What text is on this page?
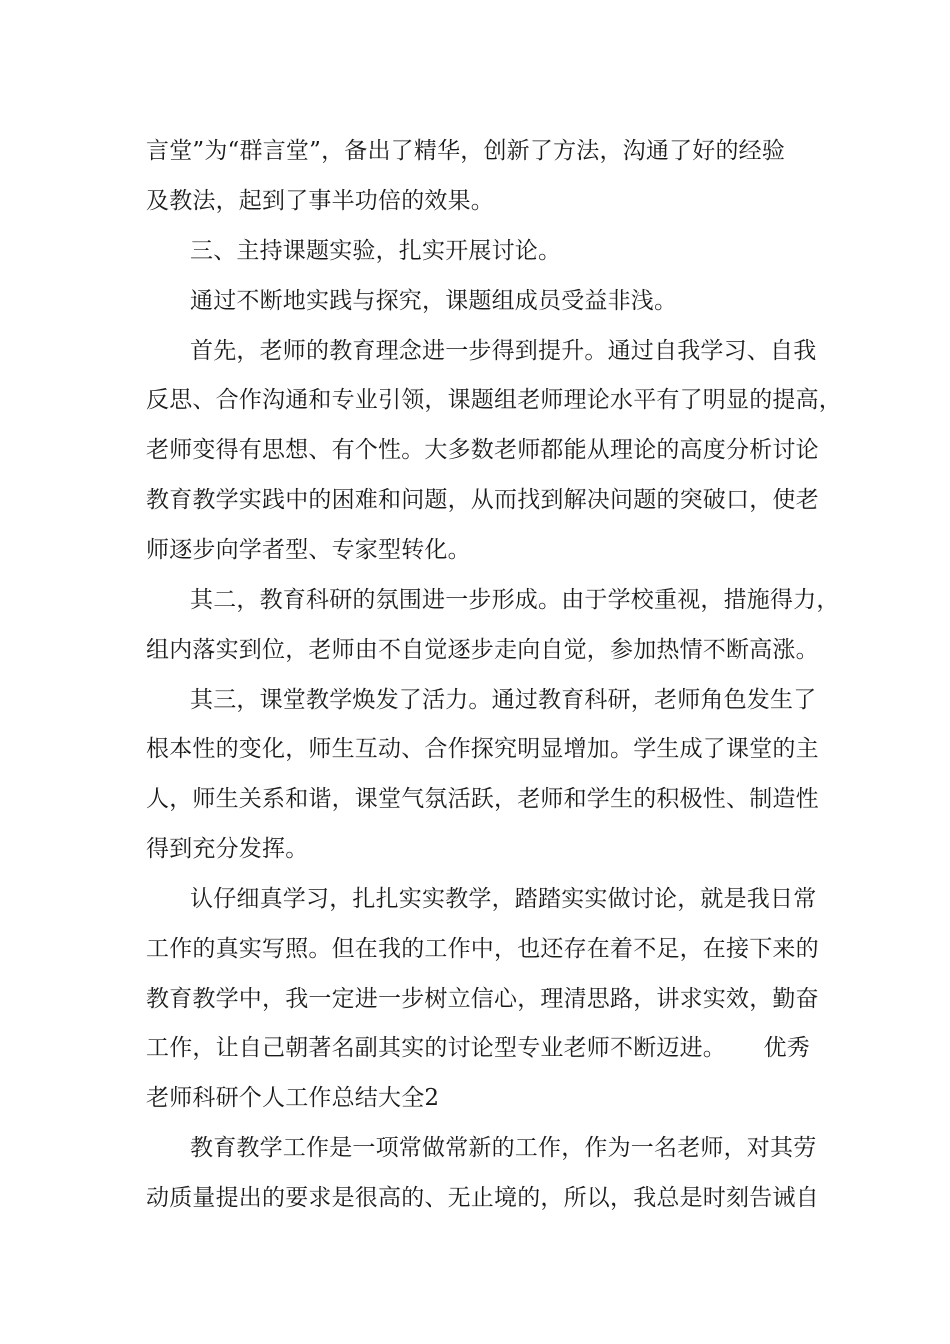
言堂”为“群言堂”，备出了精华，创新了方法，沟通了好的经验
及教法，起到了事半功倍的效果。
三、主持课题实验，扎实开展讨论。
通过不断地实践与探究，课题组成员受益非浅。
首先，老师的教育理念进一步得到提升。通过自我学习、自我
反思、合作沟通和专业引领，课题组老师理论水平有了明显的提高，
老师变得有思想、有个性。大多数老师都能从理论的高度分析讨论
教育教学实践中的困难和问题，从而找到解决问题的突破口，使老
师逐步向学者型、专家型转化。
其二，教育科研的氛围进一步形成。由于学校重视，措施得力，
组内落实到位，老师由不自觉逐步走向自觉，参加热情不断高涨。
其三，课堂教学焕发了活力。通过教育科研，老师角色发生了
根本性的变化，师生互动、合作探究明显增加。学生成了课堂的主
人，师生关系和谐，课堂气氛活跃，老师和学生的积极性、制造性
得到充分发挥。
认仔细真学习，扎扎实实教学，踏踏实实做讨论，就是我日常
工作的真实写照。但在我的工作中，也还存在着不足，在接下来的
教育教学中，我一定进一步树立信心，理清思路，讲求实效，勤奋
工作，让自己朝著名副其实的讨论型专业老师不断迈进。     优秀
老师科研个人工作总结大全2
教育教学工作是一项常做常新的工作，作为一名老师，对其劳
动质量提出的要求是很高的、无止境的，所以，我总是时刻告诫自
